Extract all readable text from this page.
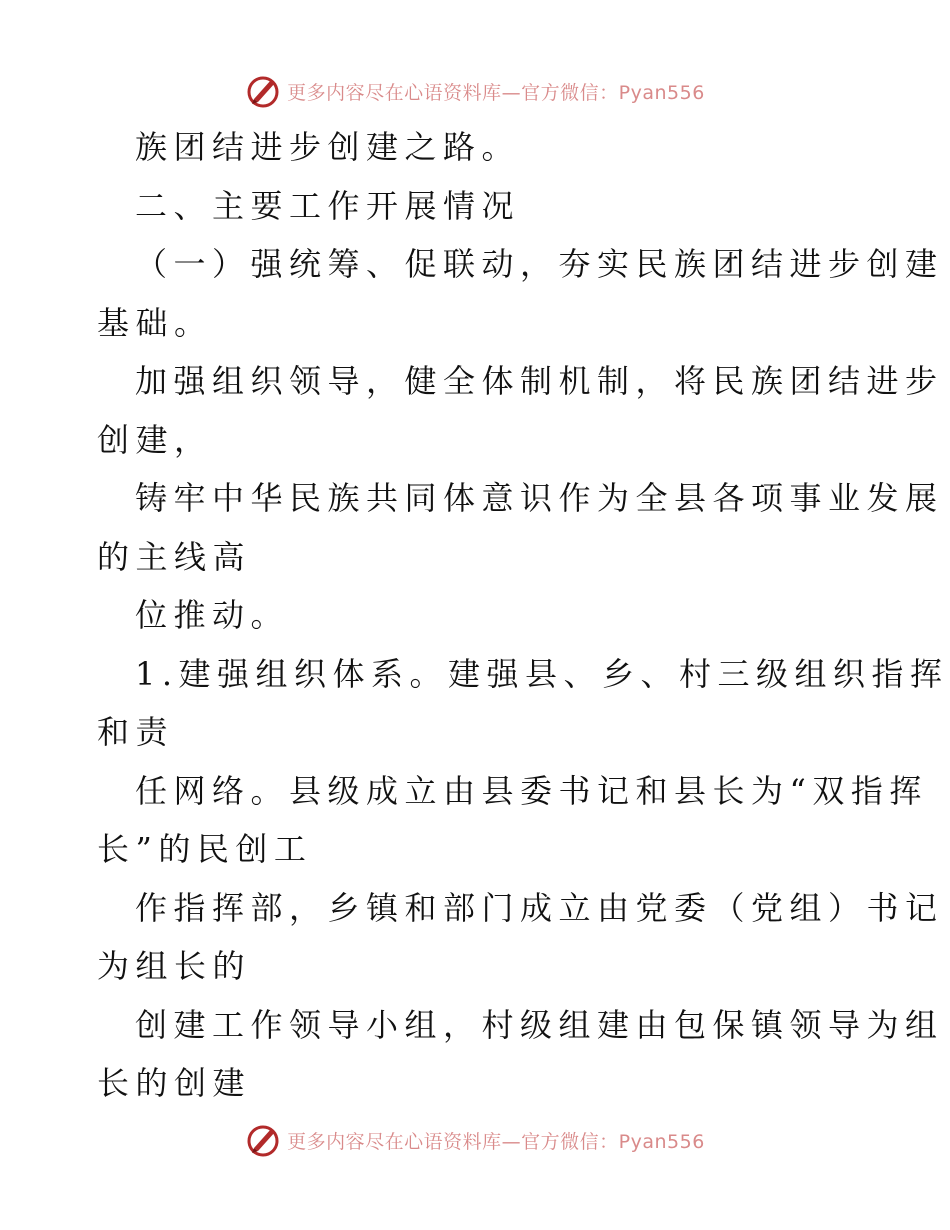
更多内容尽在心语资料库—官方微信：Pyan556
族团结进步创建之路。
二、主要工作开展情况
（一）强统筹、促联动，夯实民族团结进步创建
基础。
加强组织领导，健全体制机制，将民族团结进步
创建，
铸牢中华民族共同体意识作为全县各项事业发展
的主线高
位推动。
1.建强组织体系。建强县、乡、村三级组织指挥
和责
任网络。县级成立由县委书记和县长为“双指挥
长”的民创工
作指挥部，乡镇和部门成立由党委（党组）书记
为组长的
创建工作领导小组，村级组建由包保镇领导为组
长的创建
更多内容尽在心语资料库—官方微信：Pyan556
